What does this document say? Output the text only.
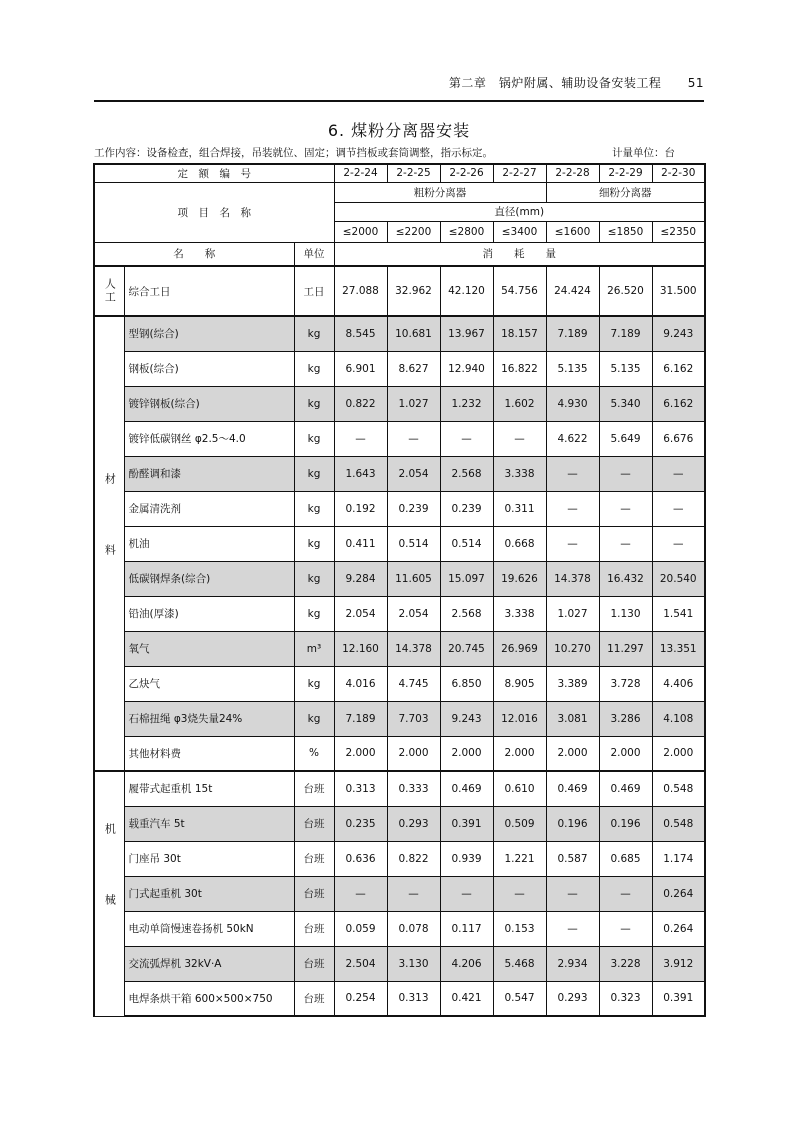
第二章　锅炉附属、辅助设备安装工程 51
6. 煤粉分离器安装
工作内容：设备检查，组合焊接，吊装就位、固定；调节挡板或套筒调整，指示标定。	计量单位：台
定　额　编　号			2-2-24	2-2-25	2-2-26	2-2-27	2-2-28	2-2-29	2-2-30
项　目　名　称			粗粉分离器				细粉分离器		
			直径(mm)						
			≤2000	≤2200	≤2800	≤3400	≤1600	≤1850	≤2350
名　　称		单位	消　　耗　　量						
人工	综合工日	工日	27.088	32.962	42.120	54.756	24.424	26.520	31.500
材料	型钢(综合)	kg	8.545	10.681	13.967	18.157	7.189	7.189	9.243
	钢板(综合)	kg	6.901	8.627	12.940	16.822	5.135	5.135	6.162
	镀锌钢板(综合)	kg	0.822	1.027	1.232	1.602	4.930	5.340	6.162
	镀锌低碳钢丝 φ2.5～4.0	kg	—	—	—	—	4.622	5.649	6.676
	酚醛调和漆	kg	1.643	2.054	2.568	3.338	—	—	—
	金属清洗剂	kg	0.192	0.239	0.239	0.311	—	—	—
	机油	kg	0.411	0.514	0.514	0.668	—	—	—
	低碳钢焊条(综合)	kg	9.284	11.605	15.097	19.626	14.378	16.432	20.540
	铅油(厚漆)	kg	2.054	2.054	2.568	3.338	1.027	1.130	1.541
	氧气	m³	12.160	14.378	20.745	26.969	10.270	11.297	13.351
	乙炔气	kg	4.016	4.745	6.850	8.905	3.389	3.728	4.406
	石棉扭绳 φ3烧失量24%	kg	7.189	7.703	9.243	12.016	3.081	3.286	4.108
	其他材料费	%	2.000	2.000	2.000	2.000	2.000	2.000	2.000
机械	履带式起重机 15t	台班	0.313	0.333	0.469	0.610	0.469	0.469	0.548
	载重汽车 5t	台班	0.235	0.293	0.391	0.509	0.196	0.196	0.548
	门座吊 30t	台班	0.636	0.822	0.939	1.221	0.587	0.685	1.174
	门式起重机 30t	台班	—	—	—	—	—	—	0.264
	电动单筒慢速卷扬机 50kN	台班	0.059	0.078	0.117	0.153	—	—	0.264
	交流弧焊机 32kV·A	台班	2.504	3.130	4.206	5.468	2.934	3.228	3.912
	电焊条烘干箱 600×500×750	台班	0.254	0.313	0.421	0.547	0.293	0.323	0.391
